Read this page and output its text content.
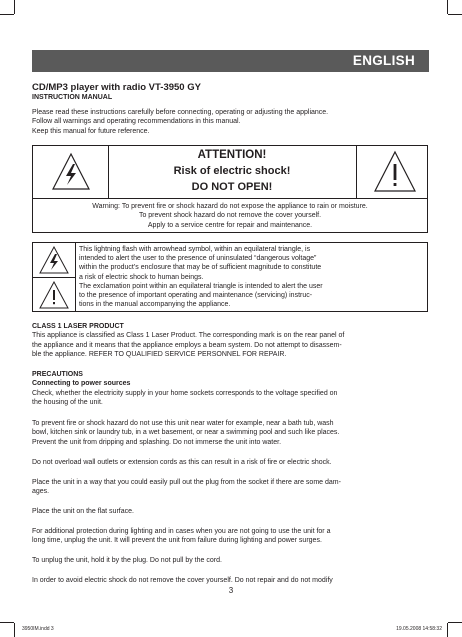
ENGLISH
CD/MP3 player with radio VT-3950 GY
INSTRUCTION MANUAL

Please read these instructions carefully before connecting, operating or adjusting the appliance.
Follow all warnings and operating recommendations in this manual.
Keep this manual for future reference.

ATTENTION!
Risk of electric shock!
DO NOT OPEN!
Warning: To prevent fire or shock hazard do not expose the appliance to rain or moisture.
To prevent shock hazard do not remove the cover yourself.
Apply to a service centre for repair and maintenance.
This lightning flash with arrowhead symbol, within an equilateral triangle, is
intended to alert the user to the presence of uninsulated “dangerous voltage”
within the product’s enclosure that may be of sufficient magnitude to constitute
a risk of electric shock to human beings.
The exclamation point within an equilateral triangle is intended to alert the user
to the presence of important operating and maintenance (servicing) instruc-
tions in the manual accompanying the appliance.

CLASS 1 LASER PRODUCT
This appliance is classified as Class 1 Laser Product. The corresponding mark is on the rear panel of
the appliance and it means that the appliance employs a beam system. Do not attempt to disassem-
ble the appliance. REFER TO QUALIFIED SERVICE PERSONNEL FOR REPAIR.

PRECAUTIONS
Connecting to power sources
Check, whether the electricity supply in your home sockets corresponds to the voltage specified on
the housing of the unit.

To prevent fire or shock hazard do not use this unit near water for example, near a bath tub, wash
bowl, kitchen sink or laundry tub, in a wet basement, or near a swimming pool and such like places.
Prevent the unit from dripping and splashing. Do not immerse the unit into water.

Do not overload wall outlets or extension cords as this can result in a risk of fire or electric shock.

Place the unit in a way that you could easily pull out the plug from the socket if there are some dam-
ages.

Place the unit on the flat surface.

For additional protection during lighting and in cases when you are not going to use the unit for a
long time, unplug the unit. It will prevent the unit from failure during lighting and power surges.

To unplug the unit, hold it by the plug. Do not pull by the cord.

In order to avoid electric shock do not remove the cover yourself. Do not repair and do not modify

3
3950IM.indd 3	19.05.2008 14:58:32
